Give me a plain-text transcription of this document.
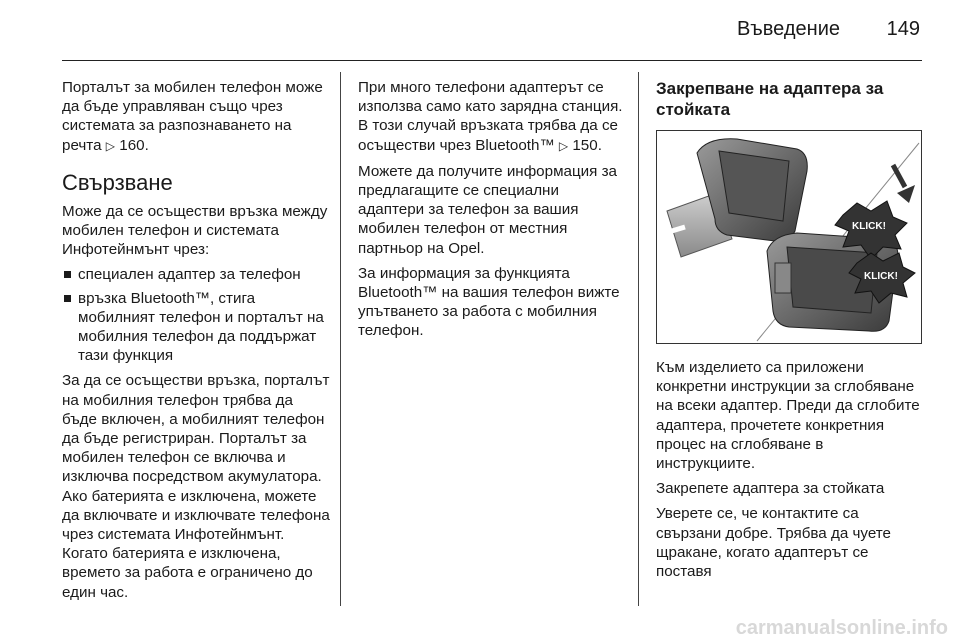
Въведение 149

Порталът за мобилен телефон може да бъде управляван също чрез системата за разпознаването на речта ▷ 160.

Свързване

Може да се осъществи връзка между мобилен телефон и системата Инфотейнмънт чрез:

специален адаптер за телефон
връзка Bluetooth™, стига мобилният телефон и порталът на мобилния телефон да поддържат тази функция

За да се осъществи връзка, порталът на мобилния телефон трябва да бъде включен, а мобилният телефон да бъде регистриран. Порталът за мобилен телефон се включва и изключва посредством акумулатора. Ако батерията е изключена, можете да включвате и изключвате телефона чрез системата Инфотейнмънт. Когато батерията е изключена, времето за работа е ограничено до един час.

При много телефони адаптерът се използва само като зарядна станция. В този случай връзката трябва да се осъществи чрез Bluetooth™ ▷ 150.

Можете да получите информация за предлагащите се специални адаптери за телефон за вашия мобилен телефон от местния партньор на Opel.

За информация за функцията Bluetooth™ на вашия телефон вижте упътването за работа с мобилния телефон.

Закрепване на адаптера за стойката
KLICK!
KLICK!

Към изделието са приложени конкретни инструкции за сглобяване на всеки адаптер. Преди да сглобите адаптера, прочетете конкретния процес на сглобяване в инструкциите.

Закрепете адаптера за стойката

Уверете се, че контактите са свързани добре. Трябва да чуете щракане, когато адаптерът се поставя

carmanualsonline.info
